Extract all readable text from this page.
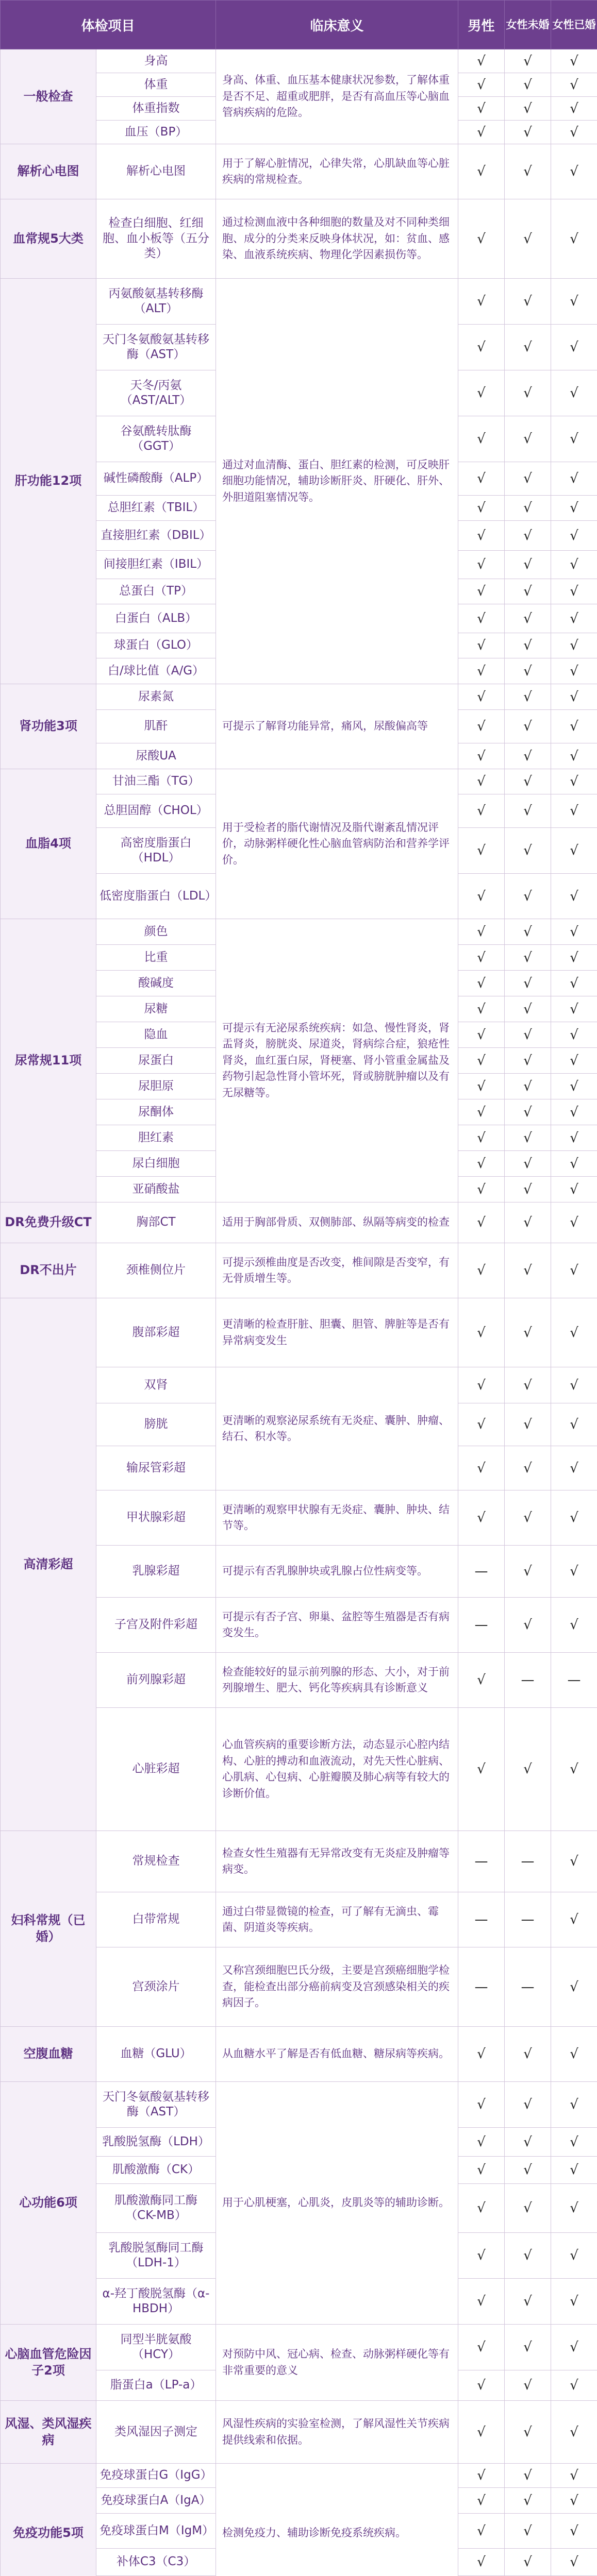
体检项目		临床意义	男性	女性未婚	女性已婚
一般检查	身高	身高、体重、血压基本健康状况参数，了解体重是否不足、超重或肥胖，是否有高血压等心脑血管病疾病的危险。	√	√	√
	体重		√	√	√
	体重指数		√	√	√
	血压（BP）		√	√	√
解析心电图	解析心电图	用于了解心脏情况，心律失常，心肌缺血等心脏疾病的常规检查。	√	√	√
血常规5大类	检查白细胞、红细胞、血小板等（五分类）	通过检测血液中各种细胞的数量及对不同种类细胞、成分的分类来反映身体状况，如：贫血、感染、血液系统疾病、物理化学因素损伤等。	√	√	√
肝功能12项	丙氨酸氨基转移酶（ALT）	通过对血清酶、蛋白、胆红素的检测，可反映肝细胞功能情况，辅助诊断肝炎、肝硬化、肝外、外胆道阻塞情况等。	√	√	√
	天门冬氨酸氨基转移酶（AST）		√	√	√
	天冬/丙氨（AST/ALT）		√	√	√
	谷氨酰转肽酶（GGT）		√	√	√
	碱性磷酸酶（ALP）		√	√	√
	总胆红素（TBIL）		√	√	√
	直接胆红素（DBIL）		√	√	√
	间接胆红素（IBIL）		√	√	√
	总蛋白（TP）		√	√	√
	白蛋白（ALB）		√	√	√
	球蛋白（GLO）		√	√	√
	白/球比值（A/G）		√	√	√
肾功能3项	尿素氮	可提示了解肾功能异常，痛风，尿酸偏高等	√	√	√
	肌酐		√	√	√
	尿酸UA		√	√	√
血脂4项	甘油三酯（TG）	用于受检者的脂代谢情况及脂代谢紊乱情况评价，动脉粥样硬化性心脑血管病防治和营养学评价。	√	√	√
	总胆固醇（CHOL）		√	√	√
	高密度脂蛋白（HDL）		√	√	√
	低密度脂蛋白（LDL）		√	√	√
尿常规11项	颜色	可提示有无泌尿系统疾病：如急、慢性肾炎，肾盂肾炎，膀胱炎、尿道炎，肾病综合症，狼疮性肾炎，血红蛋白尿，肾梗塞、肾小管重金属盐及药物引起急性肾小管坏死，肾或膀胱肿瘤以及有无尿糖等。	√	√	√
	比重		√	√	√
	酸碱度		√	√	√
	尿糖		√	√	√
	隐血		√	√	√
	尿蛋白		√	√	√
	尿胆原		√	√	√
	尿酮体		√	√	√
	胆红素		√	√	√
	尿白细胞		√	√	√
	亚硝酸盐		√	√	√
DR免费升级CT	胸部CT	适用于胸部骨质、双侧肺部、纵隔等病变的检查	√	√	√
DR不出片	颈椎侧位片	可提示颈椎曲度是否改变，椎间隙是否变窄，有无骨质增生等。	√	√	√
高清彩超	腹部彩超	更清晰的检查肝脏、胆囊、胆管、脾脏等是否有异常病变发生	√	√	√
	双肾	更清晰的观察泌尿系统有无炎症、囊肿、肿瘤、结石、积水等。	√	√	√
	膀胱		√	√	√
	输尿管彩超		√	√	√
	甲状腺彩超	更清晰的观察甲状腺有无炎症、囊肿、肿块、结节等。	√	√	√
	乳腺彩超	可提示有否乳腺肿块或乳腺占位性病变等。	—	√	√
	子宫及附件彩超	可提示有否子宫、卵巢、盆腔等生殖器是否有病变发生。	—	√	√
	前列腺彩超	检查能较好的显示前列腺的形态、大小，对于前列腺增生、肥大、钙化等疾病具有诊断意义	√	—	—
	心脏彩超	心血管疾病的重要诊断方法，动态显示心腔内结构、心脏的搏动和血液流动，对先天性心脏病、心肌病、心包病、心脏瓣膜及肺心病等有较大的诊断价值。	√	√	√
妇科常规（已婚）	常规检查	检查女性生殖器有无异常改变有无炎症及肿瘤等病变。	—	—	√
	白带常规	通过白带显微镜的检查，可了解有无滴虫、霉菌、阴道炎等疾病。	—	—	√
	宫颈涂片	又称宫颈细胞巴氏分级，主要是宫颈癌细胞学检查，能检查出部分癌前病变及宫颈感染相关的疾病因子。	—	—	√
空腹血糖	血糖（GLU）	从血糖水平了解是否有低血糖、糖尿病等疾病。	√	√	√
心功能6项	天门冬氨酸氨基转移酶（AST）	用于心肌梗塞，心肌炎，皮肌炎等的辅助诊断。	√	√	√
	乳酸脱氢酶（LDH）		√	√	√
	肌酸激酶（CK）		√	√	√
	肌酸激酶同工酶（CK-MB）		√	√	√
	乳酸脱氢酶同工酶（LDH-1）		√	√	√
	α-羟丁酸脱氢酶（α-HBDH）		√	√	√
心脑血管危险因子2项	同型半胱氨酸（HCY）	对预防中风、冠心病、检查、动脉粥样硬化等有非常重要的意义	√	√	√
	脂蛋白a（LP-a）		√	√	√
风湿、类风湿疾病	类风湿因子测定	风湿性疾病的实验室检测，了解风湿性关节疾病提供线索和依据。	√	√	√
免疫功能5项	免疫球蛋白G（IgG）	检测免疫力、辅助诊断免疫系统疾病。	√	√	√
	免疫球蛋白A（IgA）		√	√	√
	免疫球蛋白M（IgM）		√	√	√
	补体C3（C3）		√	√	√
